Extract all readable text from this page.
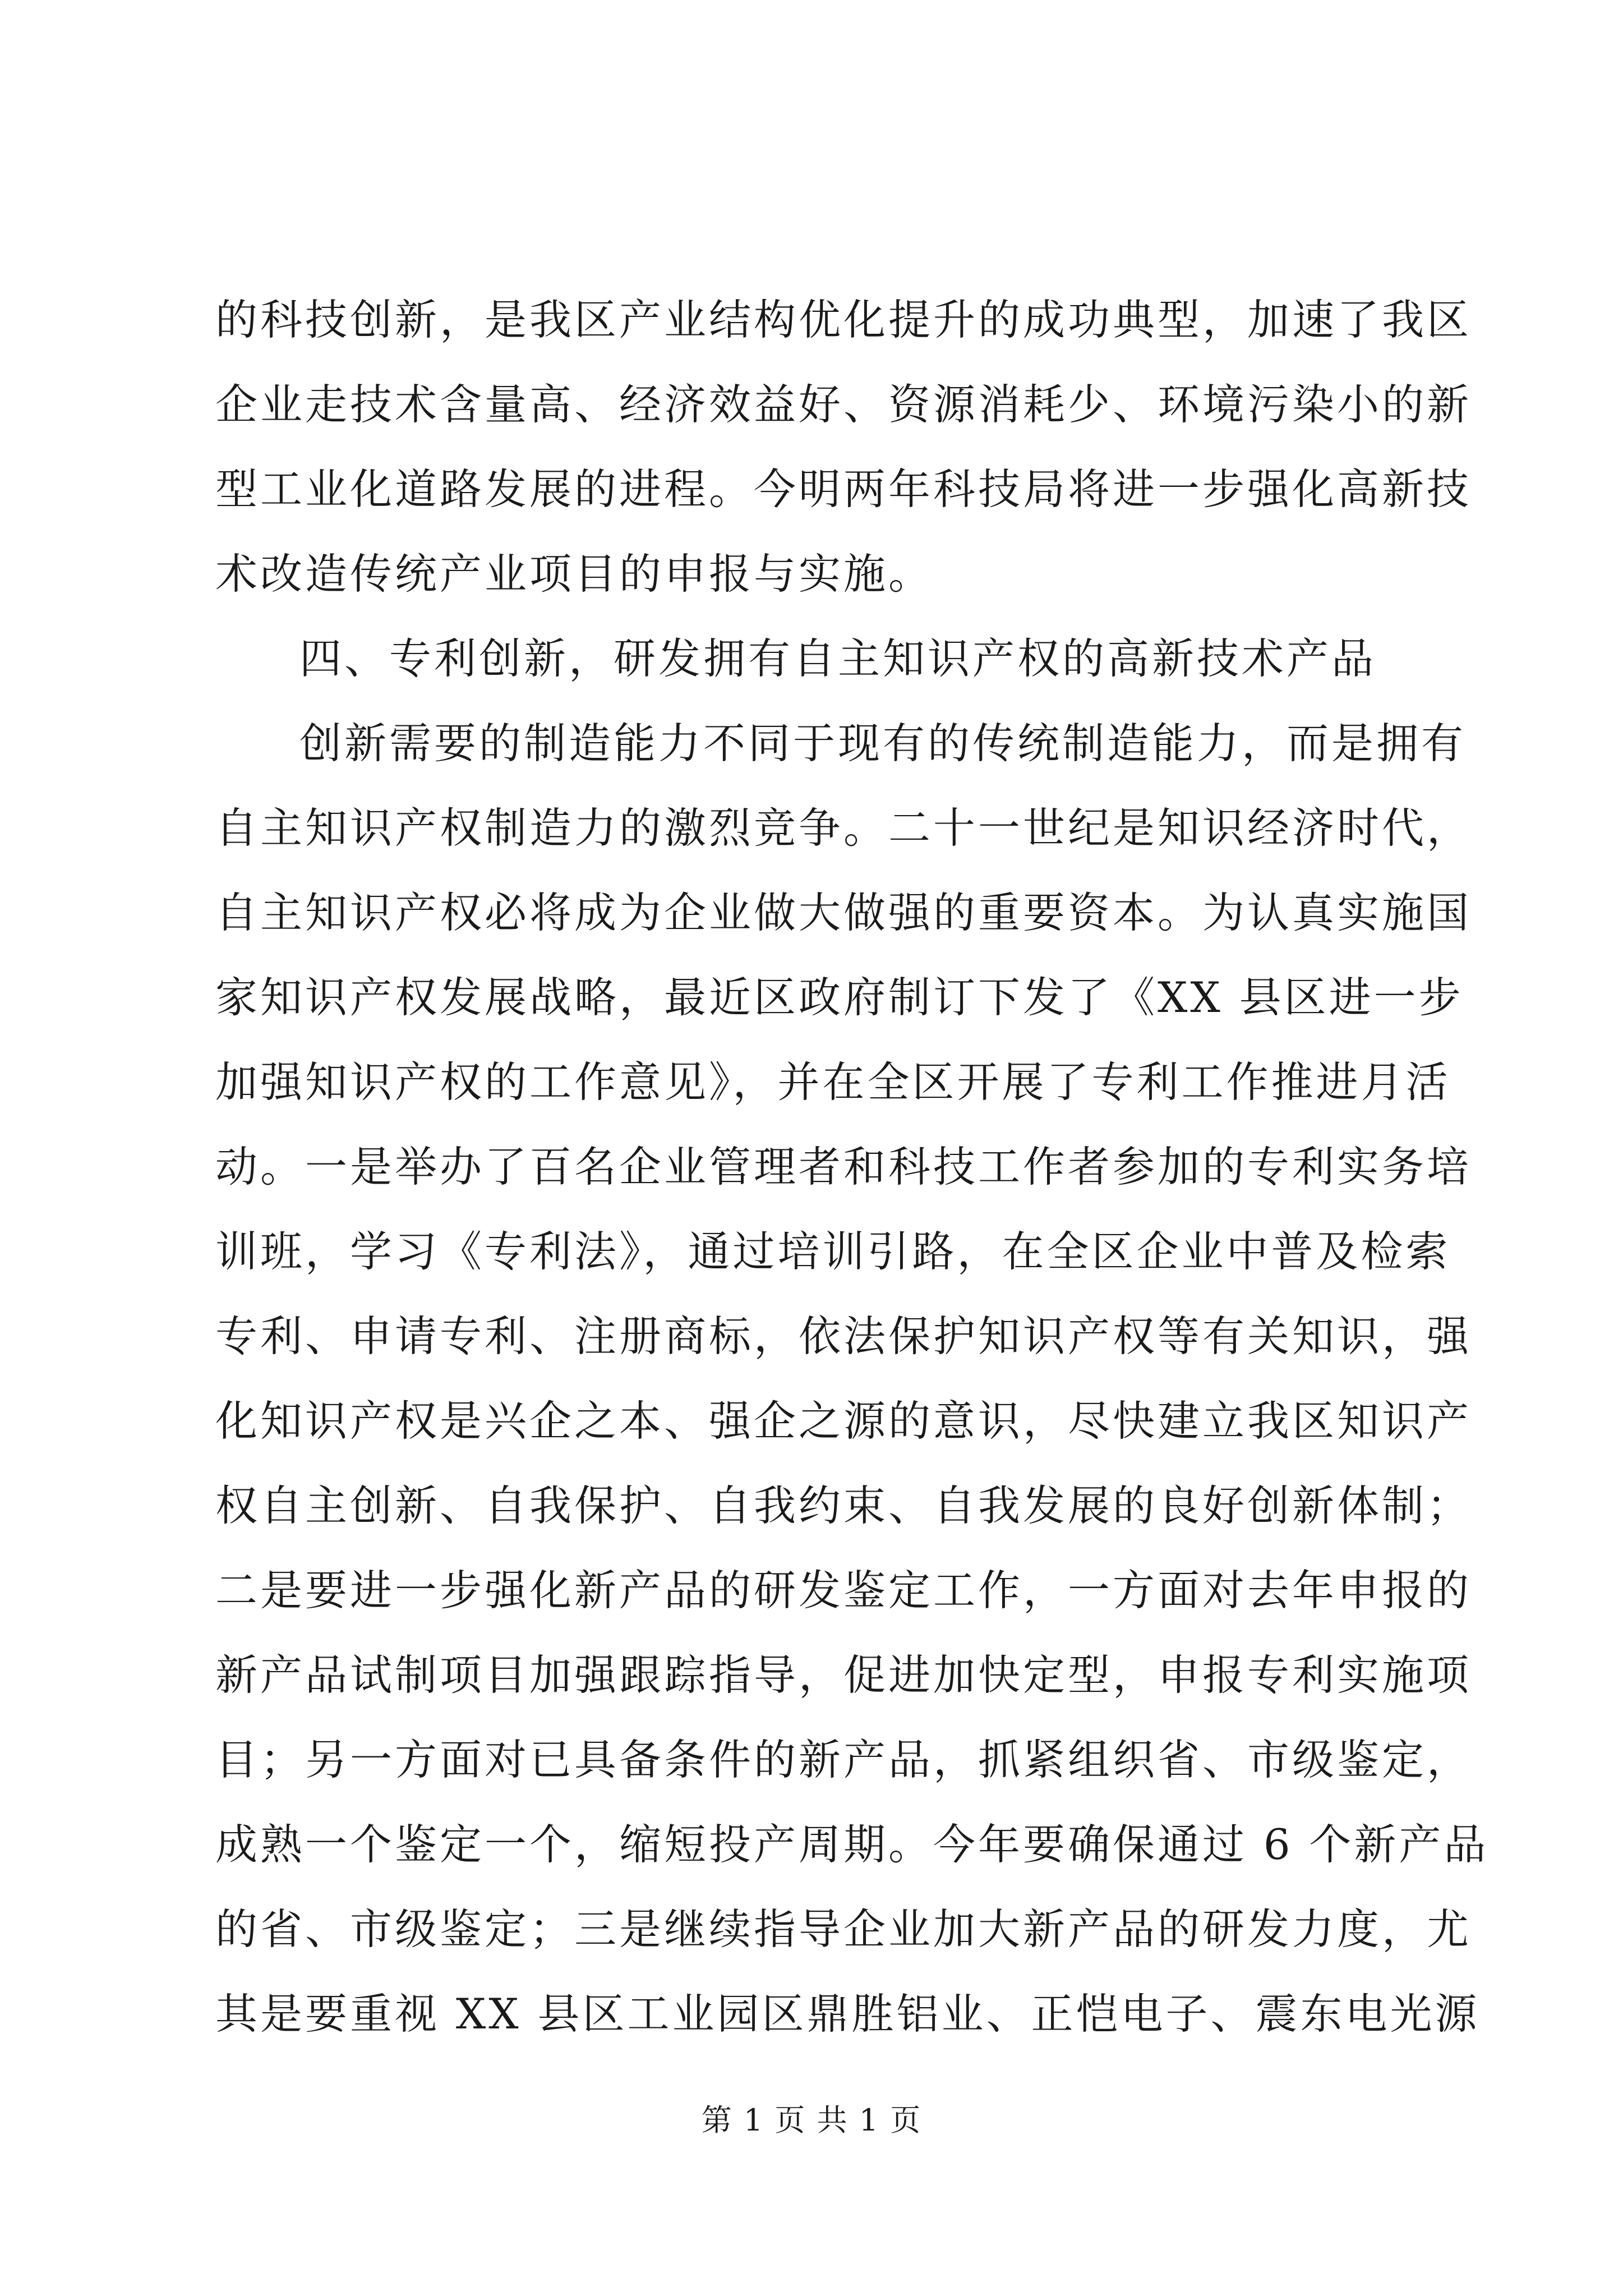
的科技创新，是我区产业结构优化提升的成功典型，加速了我区
企业走技术含量高、经济效益好、资源消耗少、环境污染小的新
型工业化道路发展的进程。今明两年科技局将进一步强化高新技
术改造传统产业项目的申报与实施。
四、专利创新，研发拥有自主知识产权的高新技术产品
创新需要的制造能力不同于现有的传统制造能力，而是拥有
自主知识产权制造力的激烈竞争。二十一世纪是知识经济时代，
自主知识产权必将成为企业做大做强的重要资本。为认真实施国
家知识产权发展战略，最近区政府制订下发了《XX 县区进一步
加强知识产权的工作意见》，并在全区开展了专利工作推进月活
动。一是举办了百名企业管理者和科技工作者参加的专利实务培
训班，学习《专利法》，通过培训引路，在全区企业中普及检索
专利、申请专利、注册商标，依法保护知识产权等有关知识，强
化知识产权是兴企之本、强企之源的意识，尽快建立我区知识产
权自主创新、自我保护、自我约束、自我发展的良好创新体制；
二是要进一步强化新产品的研发鉴定工作，一方面对去年申报的
新产品试制项目加强跟踪指导，促进加快定型，申报专利实施项
目；另一方面对已具备条件的新产品，抓紧组织省、市级鉴定，
成熟一个鉴定一个，缩短投产周期。今年要确保通过 6 个新产品
的省、市级鉴定；三是继续指导企业加大新产品的研发力度，尤
其是要重视 XX 县区工业园区鼎胜铝业、正恺电子、震东电光源
第 1 页 共 1 页
